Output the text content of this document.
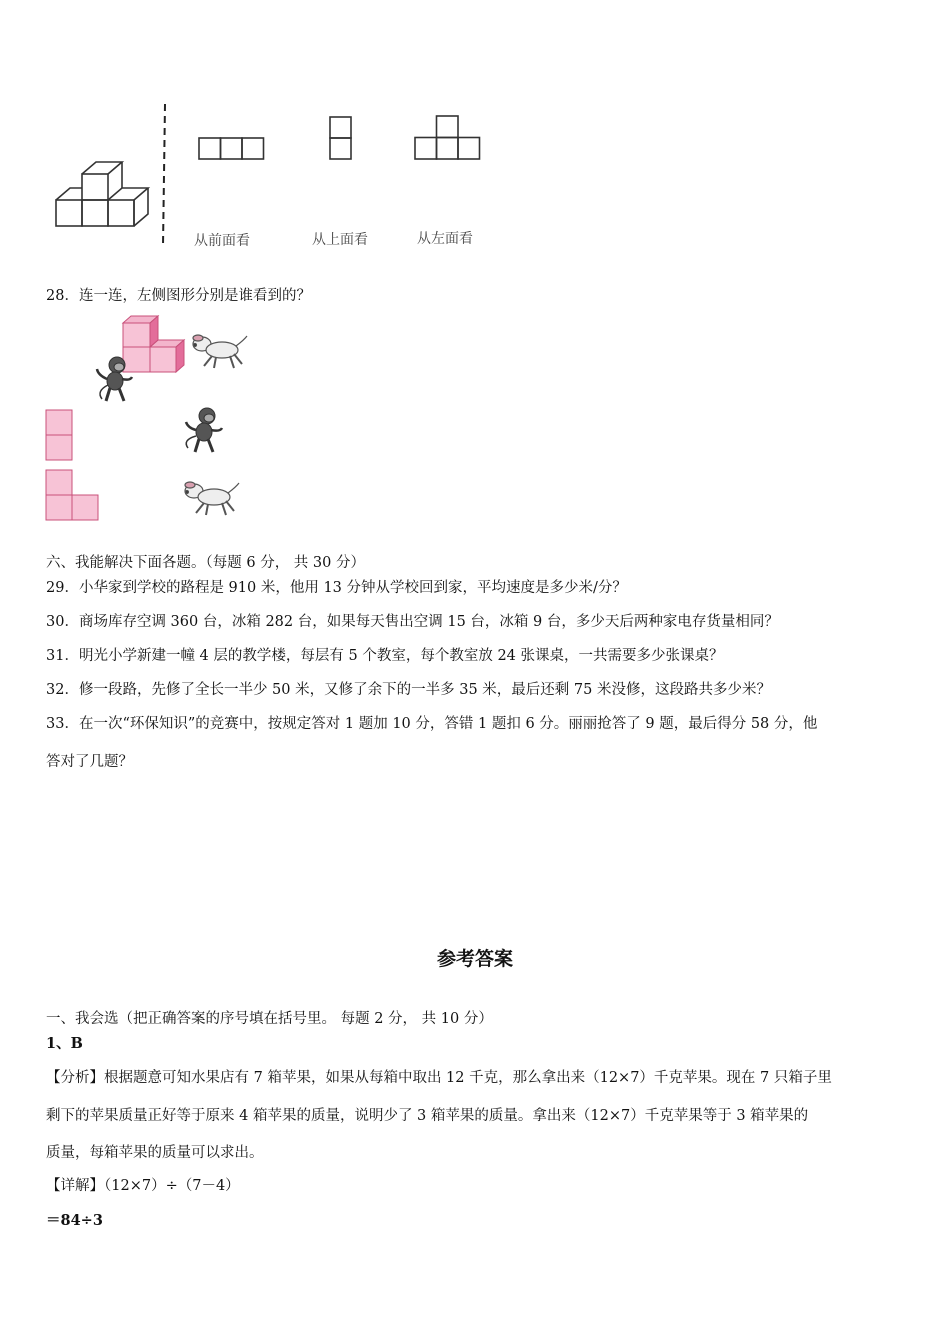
从前面看	从上面看	从左面看
28．连一连，左侧图形分别是谁看到的？
六、我能解决下面各题。（每题 6 分， 共 30 分）
29．小华家到学校的路程是 910 米，他用 13 分钟从学校回到家，平均速度是多少米/分？
30．商场库存空调 360 台，冰箱 282 台，如果每天售出空调 15 台，冰箱 9 台，多少天后两种家电存货量相同？
31．明光小学新建一幢 4 层的教学楼，每层有 5 个教室，每个教室放 24 张课桌，一共需要多少张课桌？
32．修一段路，先修了全长一半少 50 米，又修了余下的一半多 35 米，最后还剩 75 米没修，这段路共多少米？
33．在一次“环保知识”的竞赛中，按规定答对 1 题加 10 分，答错 1 题扣 6 分。丽丽抢答了 9 题，最后得分 58 分，他
答对了几题？
参考答案
一、我会选（把正确答案的序号填在括号里。 每题 2 分， 共 10 分）
1、B
【分析】根据题意可知水果店有 7 箱苹果，如果从每箱中取出 12 千克，那么拿出来（12×7）千克苹果。现在 7 只箱子里
剩下的苹果质量正好等于原来 4 箱苹果的质量，说明少了 3 箱苹果的质量。拿出来（12×7）千克苹果等于 3 箱苹果的
质量，每箱苹果的质量可以求出。
【详解】（12×7）÷（7－4）
＝84÷3
